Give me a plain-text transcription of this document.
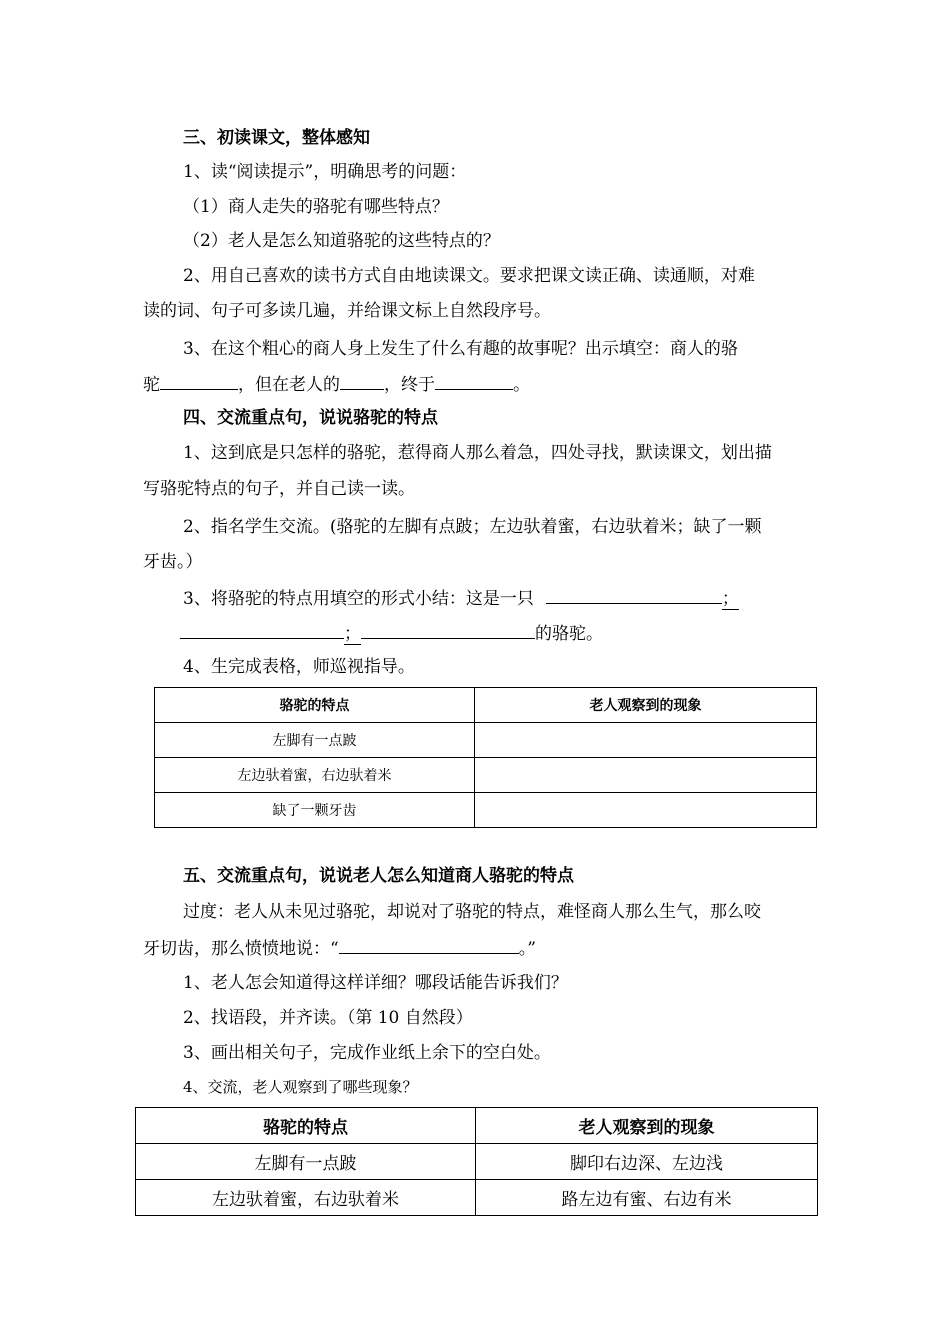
三、初读课文，整体感知
1、读“阅读提示”，明确思考的问题：
（1）商人走失的骆驼有哪些特点？
（2）老人是怎么知道骆驼的这些特点的？
2、用自己喜欢的读书方式自由地读课文。要求把课文读正确、读通顺，对难
读的词、句子可多读几遍，并给课文标上自然段序号。
3、在这个粗心的商人身上发生了什么有趣的故事呢？出示填空：商人的骆
驼	，但在老人的	，终于	。
四、交流重点句，说说骆驼的特点
1、这到底是只怎样的骆驼，惹得商人那么着急，四处寻找，默读课文，划出描
写骆驼特点的句子，并自己读一读。
2、指名学生交流。(骆驼的左脚有点跛；左边驮着蜜，右边驮着米；缺了一颗
牙齿。）
3、将骆驼的特点用填空的形式小结：这是一只	；
；	的骆驼。
4、生完成表格，师巡视指导。
骆驼的特点	老人观察到的现象
左脚有一点跛	
左边驮着蜜，右边驮着米	
缺了一颗牙齿	
五、交流重点句，说说老人怎么知道商人骆驼的特点
过度：老人从未见过骆驼，却说对了骆驼的特点，难怪商人那么生气，那么咬
牙切齿，那么愤愤地说：“	。”
1、老人怎会知道得这样详细？哪段话能告诉我们？
2、找语段，并齐读。（第 10 自然段）
3、画出相关句子，完成作业纸上余下的空白处。
4、交流，老人观察到了哪些现象？
骆驼的特点	老人观察到的现象
左脚有一点跛	脚印右边深、左边浅
左边驮着蜜，右边驮着米	路左边有蜜、右边有米
